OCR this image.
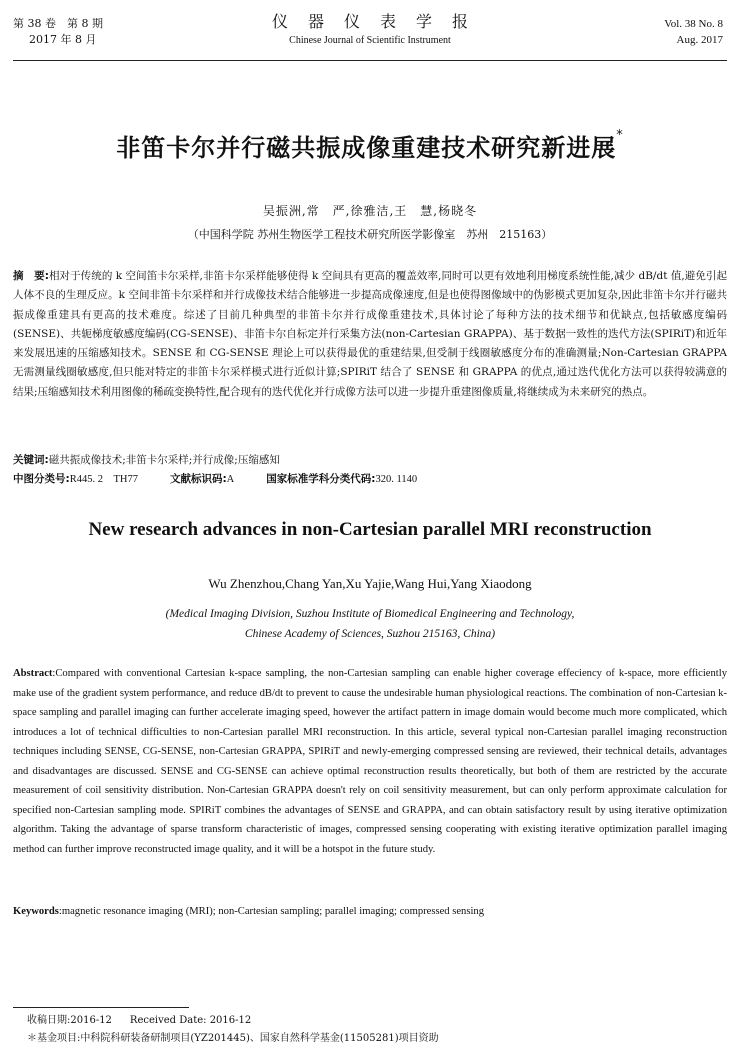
第 38 卷　第 8 期
2017 年 8 月
仪器仪表学报
Chinese Journal of Scientific Instrument
Vol. 38 No. 8
Aug. 2017
非笛卡尔并行磁共振成像重建技术研究新进展*
吴振洲,常　严,徐雅洁,王　慧,杨晓冬
（中国科学院 苏州生物医学工程技术研究所医学影像室　苏州　215163）
摘　要:相对于传统的 k 空间笛卡尔采样,非笛卡尔采样能够使得 k 空间具有更高的覆盖效率,同时可以更有效地利用梯度系统性能,减少 dB/dt 值,避免引起人体不良的生理反应。k 空间非笛卡尔采样和并行成像技术结合能够进一步提高成像速度,但是也使得图像域中的伪影模式更加复杂,因此非笛卡尔并行磁共振成像重建具有更高的技术难度。综述了目前几种典型的非笛卡尔并行成像重建技术,具体讨论了每种方法的技术细节和优缺点,包括敏感度编码(SENSE)、共轭梯度敏感度编码(CG-SENSE)、非笛卡尔自标定并行采集方法(non-Cartesian GRAPPA)、基于数据一致性的迭代方法(SPIRiT)和近年来发展迅速的压缩感知技术。SENSE 和 CG-SENSE 理论上可以获得最优的重建结果,但受制于线圈敏感度分布的准确测量;Non-Cartesian GRAPPA 无需测量线圈敏感度,但只能对特定的非笛卡尔采样模式进行近似计算;SPIRiT 结合了 SENSE 和 GRAPPA 的优点,通过迭代优化方法可以获得较满意的结果;压缩感知技术利用图像的稀疏变换特性,配合现有的迭代优化并行成像方法可以进一步提升重建图像质量,将继续成为未来研究的热点。
关键词:磁共振成像技术;非笛卡尔采样;并行成像;压缩感知
中图分类号:R445. 2　TH77	文献标识码:A	国家标准学科分类代码:320. 1140
New research advances in non-Cartesian parallel MRI reconstruction
Wu Zhenzhou,Chang Yan,Xu Yajie,Wang Hui,Yang Xiaodong
(Medical Imaging Division, Suzhou Institute of Biomedical Engineering and Technology,
Chinese Academy of Sciences, Suzhou 215163, China)
Abstract:Compared with conventional Cartesian k-space sampling, the non-Cartesian sampling can enable higher coverage effeciency of k-space, more efficiently make use of the gradient system performance, and reduce dB/dt to prevent to cause the undesirable human physiological reactions. The combination of non-Cartesian k-space sampling and parallel imaging can further accelerate imaging speed, however the artifact pattern in image domain would become much more complicated, which introduces a lot of technical difficulties to non-Cartesian parallel MRI reconstruction. In this article, several typical non-Cartesian parallel imaging reconstruction techniques including SENSE, CG-SENSE, non-Cartesian GRAPPA, SPIRiT and newly-emerging compressed sensing are reviewed, their technical details, advantages and disadvantages are discussed. SENSE and CG-SENSE can achieve optimal reconstruction results theoretically, but both of them are restricted by the accurate measurement of coil sensitivity distribution. Non-Cartesian GRAPPA doesn't rely on coil sensitivity measurement, but can only perform approximate calculation for specified non-Cartesian sampling mode. SPIRiT combines the advantages of SENSE and GRAPPA, and can obtain satisfactory result by using iterative optimization algorithm. Taking the advantage of sparse transform characteristic of images, compressed sensing cooperating with existing iterative optimization parallel imaging method can further improve reconstructed image quality, and it will be a hotspot in the future study.
Keywords:magnetic resonance imaging (MRI); non-Cartesian sampling; parallel imaging; compressed sensing
收稿日期:2016-12 Received Date: 2016-12
＊基金项目:中科院科研装备研制项目(YZ201445)、国家自然科学基金(11505281)项目资助
